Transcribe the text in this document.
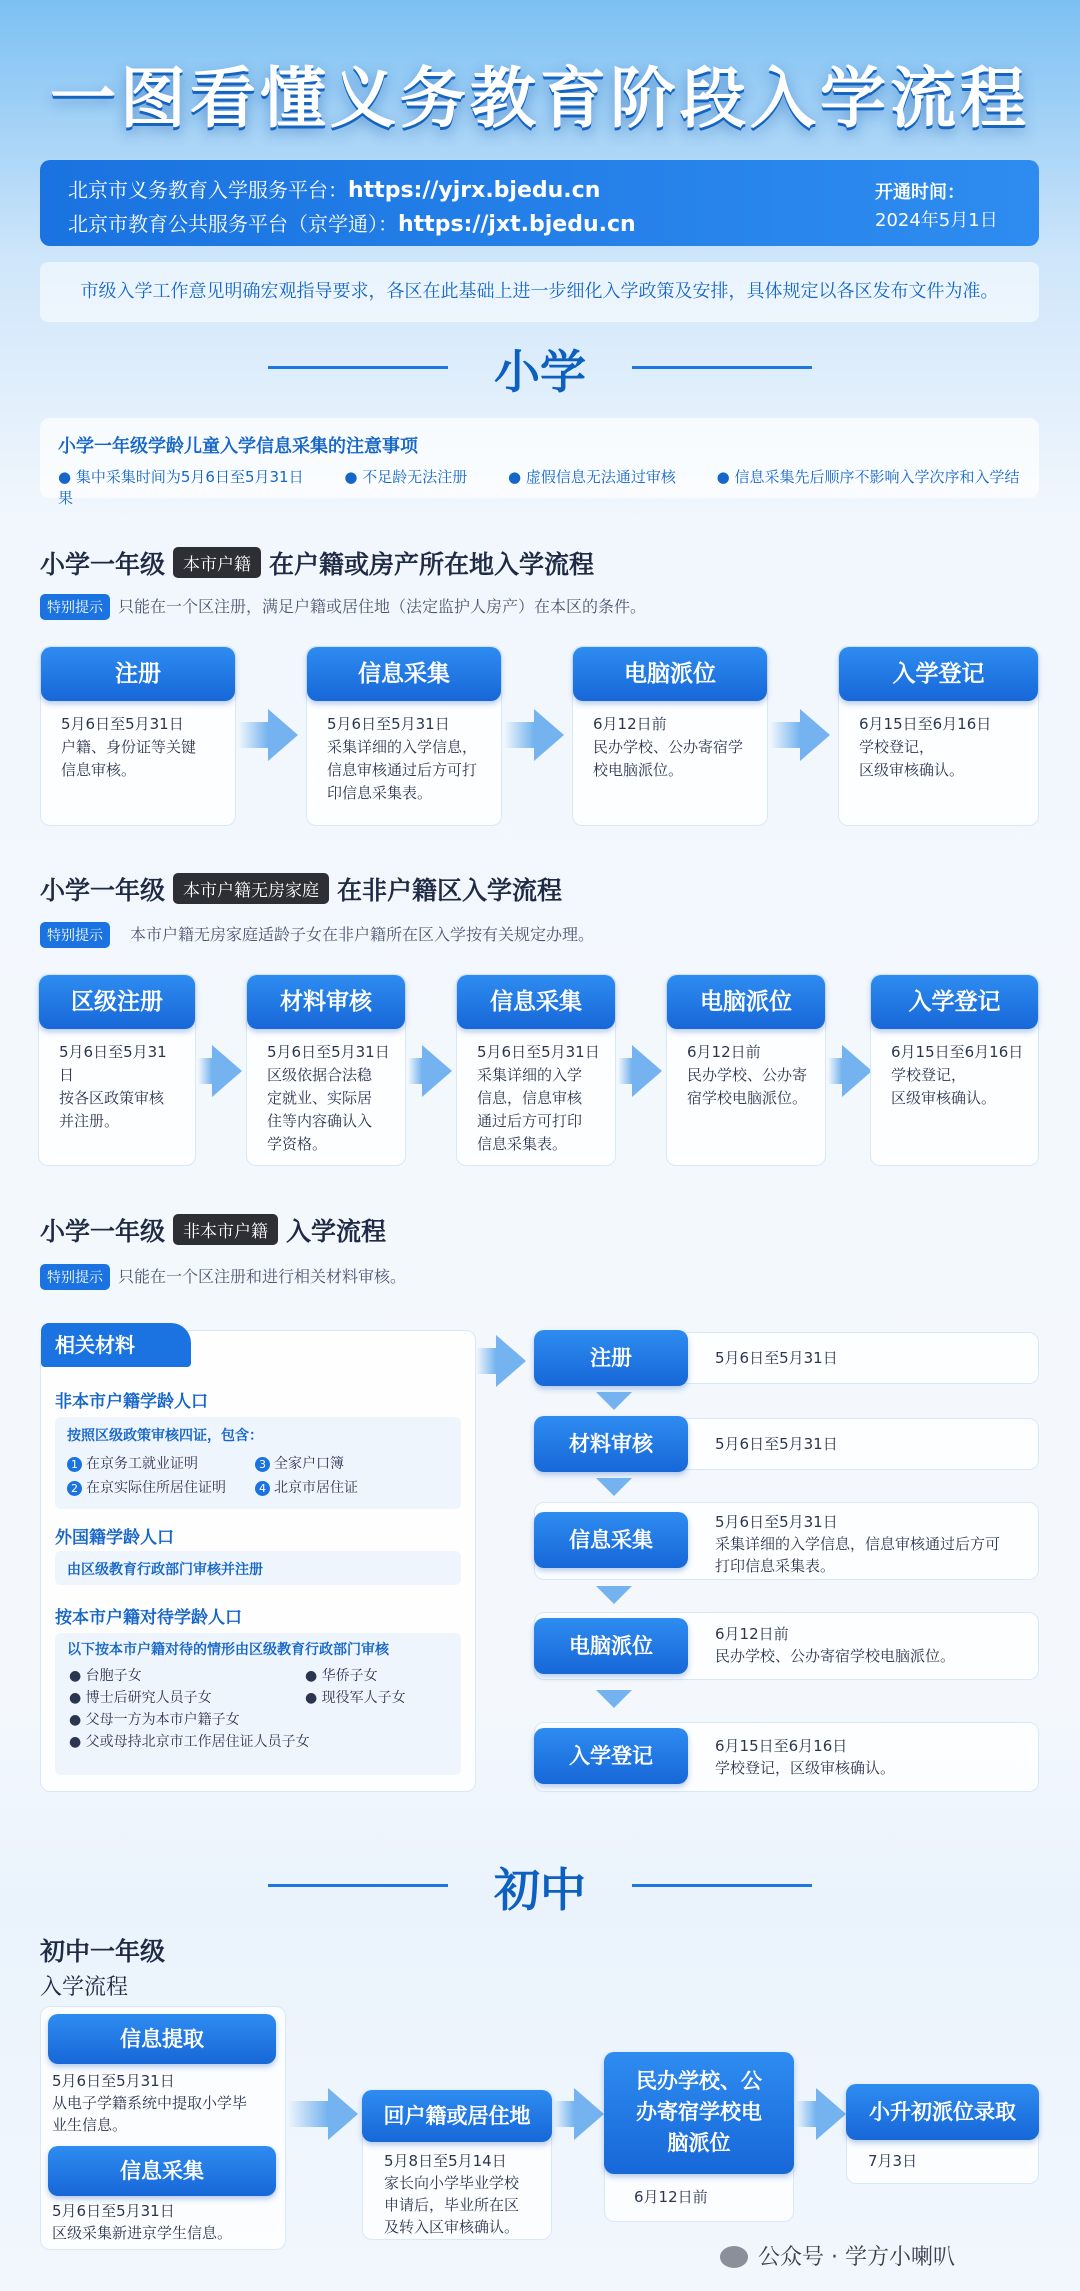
一图看懂义务教育阶段入学流程
北京市义务教育入学服务平台：https://yjrx.bjedu.cn
北京市教育公共服务平台（京学通）：https://jxt.bjedu.cn
开通时间：
2024年5月1日
市级入学工作意见明确宏观指导要求，各区在此基础上进一步细化入学政策及安排，具体规定以各区发布文件为准。
小学
小学一年级学龄儿童入学信息采集的注意事项
● 集中采集时间为5月6日至5月31日	● 不足龄无法注册	● 虚假信息无法通过审核	● 信息采集先后顺序不影响入学次序和入学结果
小学一年级 本市户籍 在户籍或房产所在地入学流程
特别提示 只能在一个区注册，满足户籍或居住地（法定监护人房产）在本区的条件。
注册
5月6日至5月31日
户籍、身份证等关键
信息审核。
信息采集
5月6日至5月31日
采集详细的入学信息，
信息审核通过后方可打
印信息采集表。
电脑派位
6月12日前
民办学校、公办寄宿学
校电脑派位。
入学登记
6月15日至6月16日
学校登记，
区级审核确认。
小学一年级 本市户籍无房家庭 在非户籍区入学流程
特别提示 本市户籍无房家庭适龄子女在非户籍所在区入学按有关规定办理。
区级注册
5月6日至5月31日
按各区政策审核
并注册。
材料审核
5月6日至5月31日
区级依据合法稳
定就业、实际居
住等内容确认入
学资格。
信息采集
5月6日至5月31日
采集详细的入学
信息，信息审核
通过后方可打印
信息采集表。
电脑派位
6月12日前
民办学校、公办寄
宿学校电脑派位。
入学登记
6月15日至6月16日
学校登记，
区级审核确认。
小学一年级 非本市户籍 入学流程
特别提示 只能在一个区注册和进行相关材料审核。
相关材料
非本市户籍学龄人口
按照区级政策审核四证，包含：
1 在京务工就业证明	3 全家户口簿
2 在京实际住所居住证明	4 北京市居住证
外国籍学龄人口
由区级教育行政部门审核并注册
按本市户籍对待学龄人口
以下按本市户籍对待的情形由区级教育行政部门审核
● 台胞子女	● 华侨子女
● 博士后研究人员子女	● 现役军人子女
● 父母一方为本市户籍子女
● 父或母持北京市工作居住证人员子女
5月6日至5月31日
注册
5月6日至5月31日
材料审核
5月6日至5月31日
采集详细的入学信息，信息审核通过后方可
打印信息采集表。
信息采集
6月12日前
民办学校、公办寄宿学校电脑派位。
电脑派位
6月15日至6月16日
学校登记，区级审核确认。
入学登记
初中
初中一年级
入学流程
信息提取
5月6日至5月31日
从电子学籍系统中提取小学毕
业生信息。
信息采集
5月6日至5月31日
区级采集新进京学生信息。
回户籍或居住地
5月8日至5月14日
家长向小学毕业学校
申请后，毕业所在区
及转入区审核确认。
民办学校、公
办寄宿学校电
脑派位
6月12日前
小升初派位录取
7月3日
公众号 · 学方小喇叭
